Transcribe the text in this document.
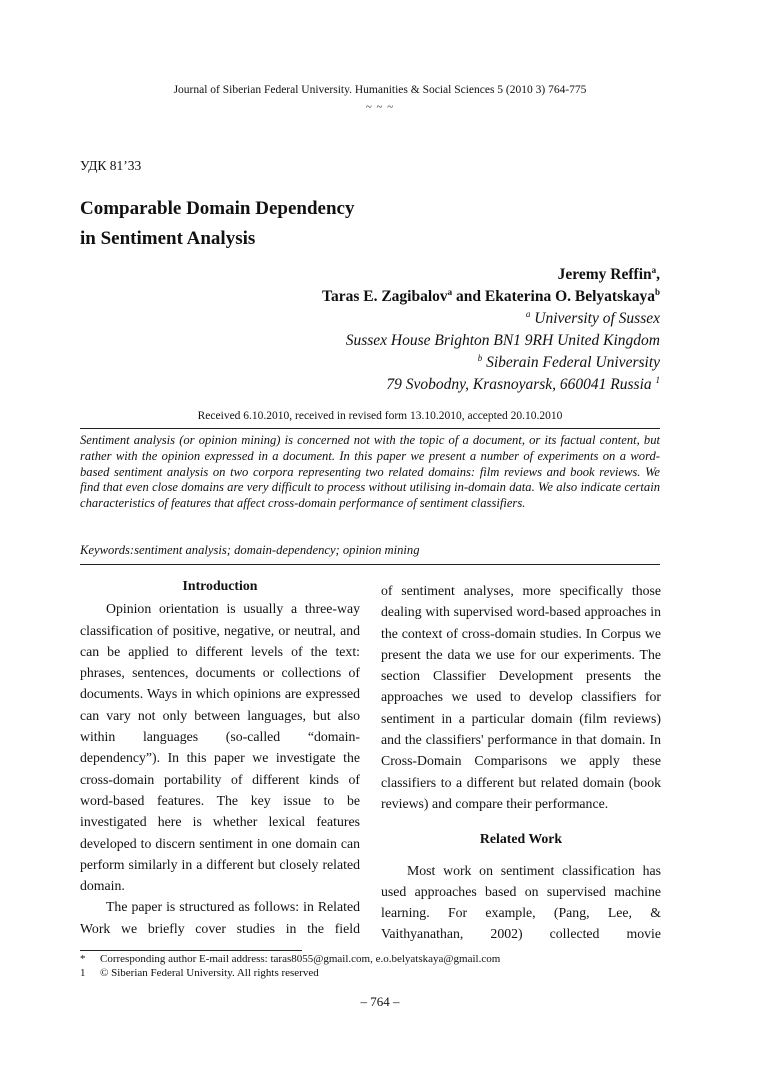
Journal of Siberian Federal University. Humanities & Social Sciences 5 (2010 3) 764-775
~ ~ ~
УДК 81’33
Comparable Domain Dependency
in Sentiment Analysis
Jeremy Reffin$^a$,
Taras E. Zagibalov$^a$ and Ekaterina O. Belyatskaya$^b$
$^a$ University of Sussex
Sussex House Brighton BN1 9RH United Kingdom
$^b$ Siberain Federal University
79 Svobodny, Krasnoyarsk, 660041 Russia $^1$
Received 6.10.2010, received in revised form 13.10.2010, accepted 20.10.2010
Sentiment analysis (or opinion mining) is concerned not with the topic of a document, or its factual content, but rather with the opinion expressed in a document. In this paper we present a number of experiments on a word-based sentiment analysis on two corpora representing two related domains: film reviews and book reviews. We find that even close domains are very difficult to process without utilising in-domain data. We also indicate certain characteristics of features that affect cross-domain performance of sentiment classifiers.
Keywords:sentiment analysis; domain-dependency; opinion mining
Introduction

Opinion orientation is usually a three-way classification of positive, negative, or neutral, and can be applied to different levels of the text: phrases, sentences, documents or collections of documents. Ways in which opinions are expressed can vary not only between languages, but also within languages (so-called “domain-dependency”). In this paper we investigate the cross-domain portability of different kinds of word-based features. The key issue to be investigated here is whether lexical features developed to discern sentiment in one domain can perform similarly in a different but closely related domain.

The paper is structured as follows: in Related Work we briefly cover studies in the field

of sentiment analyses, more specifically those dealing with supervised word-based approaches in the context of cross-domain studies. In Corpus we present the data we use for our experiments. The section Classifier Development presents the approaches we used to develop classifiers for sentiment in a particular domain (film reviews) and the classifiers' performance in that domain. In Cross-Domain Comparisons we apply these classifiers to a different but related domain (book reviews) and compare their performance.

Related Work

Most work on sentiment classification has used approaches based on supervised machine learning. For example, (Pang, Lee, & Vaithyanathan, 2002) collected movie

* Corresponding author E-mail address: taras8055@gmail.com, e.o.belyatskaya@gmail.com
1 © Siberian Federal University. All rights reserved
– 764 –
